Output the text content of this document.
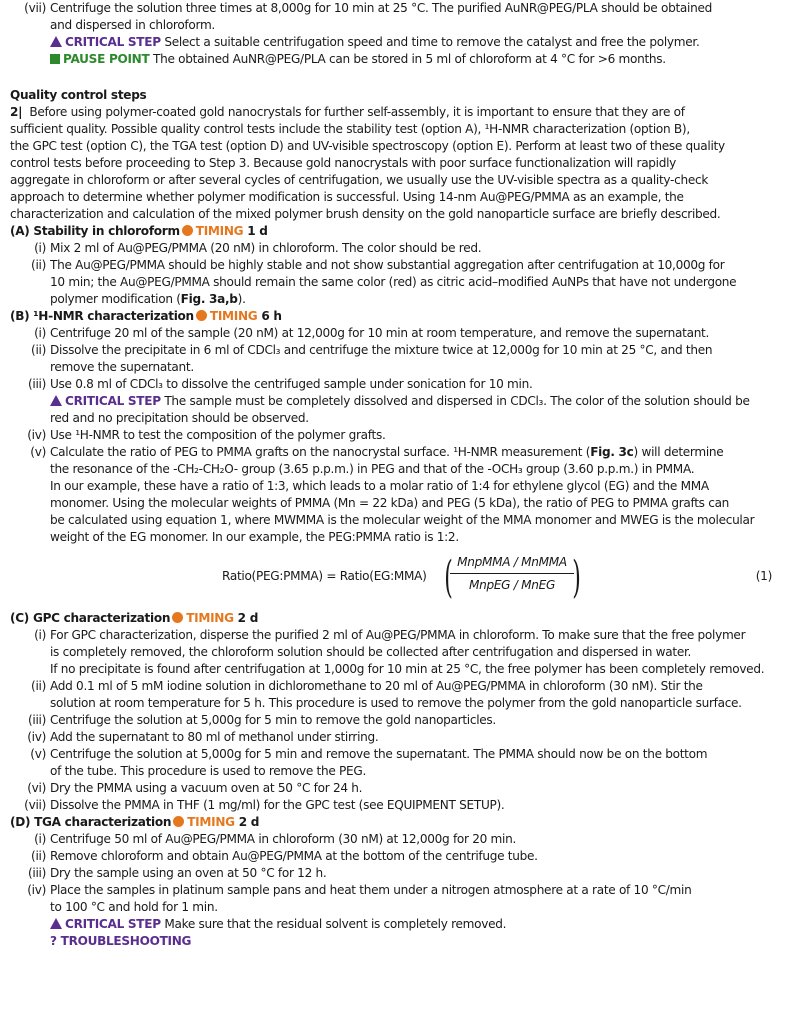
(vii) Centrifuge the solution three times at 8,000g for 10 min at 25 °C. The purified AuNR@PEG/PLA should be obtained
and dispersed in chloroform.
CRITICAL STEP Select a suitable centrifugation speed and time to remove the catalyst and free the polymer.
PAUSE POINT The obtained AuNR@PEG/PLA can be stored in 5 ml of chloroform at 4 °C for >6 months.
Quality control steps
2| Before using polymer-coated gold nanocrystals for further self-assembly, it is important to ensure that they are of
sufficient quality. Possible quality control tests include the stability test (option A), ¹H-NMR characterization (option B),
the GPC test (option C), the TGA test (option D) and UV-visible spectroscopy (option E). Perform at least two of these quality
control tests before proceeding to Step 3. Because gold nanocrystals with poor surface functionalization will rapidly
aggregate in chloroform or after several cycles of centrifugation, we usually use the UV-visible spectra as a quality-check
approach to determine whether polymer modification is successful. Using 14-nm Au@PEG/PMMA as an example, the
characterization and calculation of the mixed polymer brush density on the gold nanoparticle surface are briefly described.
(A) Stability in chloroform TIMING 1 d
(i) Mix 2 ml of Au@PEG/PMMA (20 nM) in chloroform. The color should be red.
(ii) The Au@PEG/PMMA should be highly stable and not show substantial aggregation after centrifugation at 10,000g for
10 min; the Au@PEG/PMMA should remain the same color (red) as citric acid–modified AuNPs that have not undergone
polymer modification (Fig. 3a,b).
(B) ¹H-NMR characterization TIMING 6 h
(i) Centrifuge 20 ml of the sample (20 nM) at 12,000g for 10 min at room temperature, and remove the supernatant.
(ii) Dissolve the precipitate in 6 ml of CDCl₃ and centrifuge the mixture twice at 12,000g for 10 min at 25 °C, and then
remove the supernatant.
(iii) Use 0.8 ml of CDCl₃ to dissolve the centrifuged sample under sonication for 10 min.
CRITICAL STEP The sample must be completely dissolved and dispersed in CDCl₃. The color of the solution should be
red and no precipitation should be observed.
(iv) Use ¹H-NMR to test the composition of the polymer grafts.
(v) Calculate the ratio of PEG to PMMA grafts on the nanocrystal surface. ¹H-NMR measurement (Fig. 3c) will determine
the resonance of the -CH₂-CH₂O- group (3.65 p.p.m.) in PEG and that of the -OCH₃ group (3.60 p.p.m.) in PMMA.
In our example, these have a ratio of 1:3, which leads to a molar ratio of 1:4 for ethylene glycol (EG) and the MMA
monomer. Using the molecular weights of PMMA (Mn = 22 kDa) and PEG (5 kDa), the ratio of PEG to PMMA grafts can
be calculated using equation 1, where MWMMA is the molecular weight of the MMA monomer and MWEG is the molecular
weight of the EG monomer. In our example, the PEG:PMMA ratio is 1:2.
Ratio(PEG:PMMA) = Ratio(EG:MMA) ( MnpMMA / MnMMA
MnpEG / MnEG )	(1)
(C) GPC characterization TIMING 2 d
(i) For GPC characterization, disperse the purified 2 ml of Au@PEG/PMMA in chloroform. To make sure that the free polymer
is completely removed, the chloroform solution should be collected after centrifugation and dispersed in water.
If no precipitate is found after centrifugation at 1,000g for 10 min at 25 °C, the free polymer has been completely removed.
(ii) Add 0.1 ml of 5 mM iodine solution in dichloromethane to 20 ml of Au@PEG/PMMA in chloroform (30 nM). Stir the
solution at room temperature for 5 h. This procedure is used to remove the polymer from the gold nanoparticle surface.
(iii) Centrifuge the solution at 5,000g for 5 min to remove the gold nanoparticles.
(iv) Add the supernatant to 80 ml of methanol under stirring.
(v) Centrifuge the solution at 5,000g for 5 min and remove the supernatant. The PMMA should now be on the bottom
of the tube. This procedure is used to remove the PEG.
(vi) Dry the PMMA using a vacuum oven at 50 °C for 24 h.
(vii) Dissolve the PMMA in THF (1 mg/ml) for the GPC test (see EQUIPMENT SETUP).
(D) TGA characterization TIMING 2 d
(i) Centrifuge 50 ml of Au@PEG/PMMA in chloroform (30 nM) at 12,000g for 20 min.
(ii) Remove chloroform and obtain Au@PEG/PMMA at the bottom of the centrifuge tube.
(iii) Dry the sample using an oven at 50 °C for 12 h.
(iv) Place the samples in platinum sample pans and heat them under a nitrogen atmosphere at a rate of 10 °C/min
to 100 °C and hold for 1 min.
CRITICAL STEP Make sure that the residual solvent is completely removed.
? TROUBLESHOOTING
